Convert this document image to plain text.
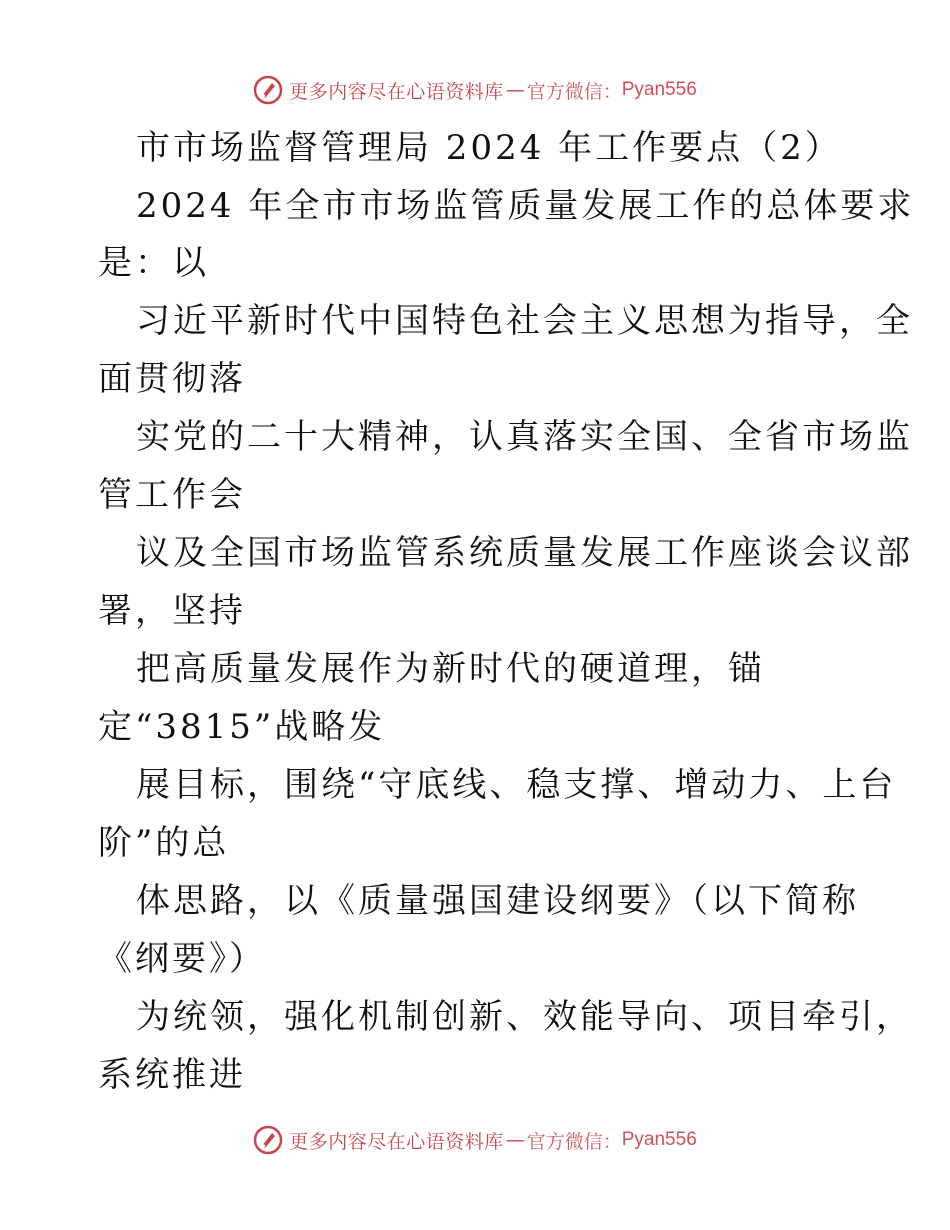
更多内容尽在心语资料库 — 官方微信： Pyan556
市市场监督管理局 2024 年工作要点（2）
2024 年全市市场监管质量发展工作的总体要求
是：以
习近平新时代中国特色社会主义思想为指导，全
面贯彻落
实党的二十大精神，认真落实全国、全省市场监
管工作会
议及全国市场监管系统质量发展工作座谈会议部
署，坚持
把高质量发展作为新时代的硬道理，锚
定“3815”战略发
展目标，围绕“守底线、稳支撑、增动力、上台
阶”的总
体思路，以《质量强国建设纲要》（以下简称
《纲要》）
为统领，强化机制创新、效能导向、项目牵引，
系统推进
更多内容尽在心语资料库 — 官方微信： Pyan556
